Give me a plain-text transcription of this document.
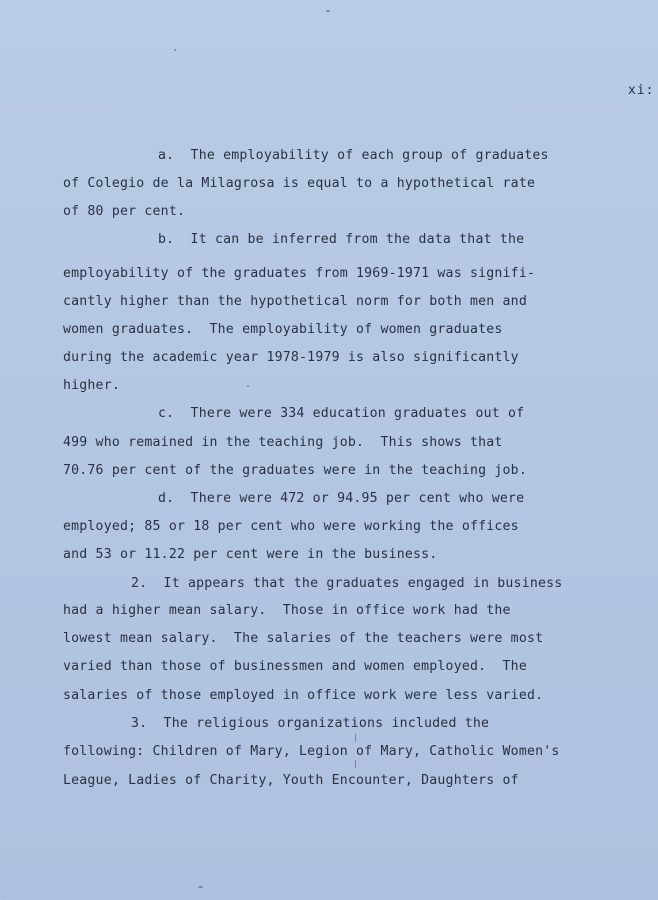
xi:
a.  The employability of each group of graduates
of Colegio de la Milagrosa is equal to a hypothetical rate
of 80 per cent.
b.  It can be inferred from the data that the
employability of the graduates from 1969-1971 was signifi-
cantly higher than the hypothetical norm for both men and
women graduates.  The employability of women graduates
during the academic year 1978-1979 is also significantly
higher.
c.  There were 334 education graduates out of
499 who remained in the teaching job.  This shows that
70.76 per cent of the graduates were in the teaching job.
d.  There were 472 or 94.95 per cent who were
employed; 85 or 18 per cent who were working the offices
and 53 or 11.22 per cent were in the business.
2.  It appears that the graduates engaged in business
had a higher mean salary.  Those in office work had the
lowest mean salary.  The salaries of the teachers were most
varied than those of businessmen and women employed.  The
salaries of those employed in office work were less varied.
3.  The religious organizations included the
following: Children of Mary, Legion of Mary, Catholic Women's
League, Ladies of Charity, Youth Encounter, Daughters of
....
